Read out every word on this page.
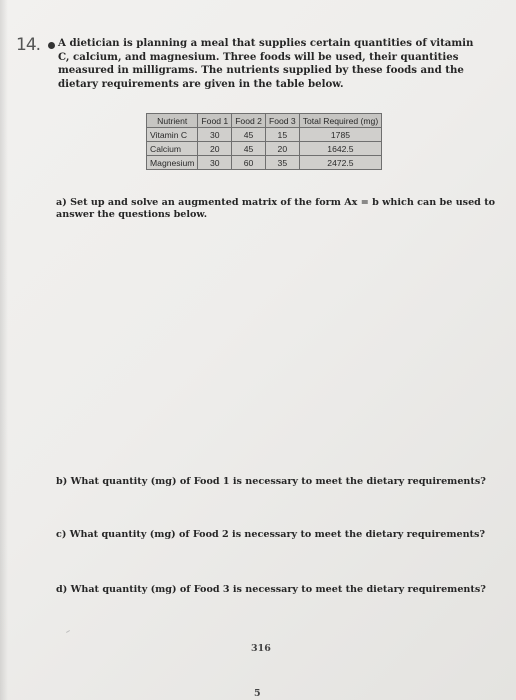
14. A dietician is planning a meal that supplies certain quantities of vitamin C, calcium, and magnesium. Three foods will be used, their quantities measured in milligrams. The nutrients supplied by these foods and the dietary requirements are given in the table below.
Nutrient	Food 1	Food 2	Food 3	Total Required (mg)
Vitamin C	30	45	15	1785
Calcium	20	45	20	1642.5
Magnesium	30	60	35	2472.5
a) Set up and solve an augmented matrix of the form Ax = b which can be used to answer the questions below.
b) What quantity (mg) of Food 1 is necessary to meet the dietary requirements?
c) What quantity (mg) of Food 2 is necessary to meet the dietary requirements?
d) What quantity (mg) of Food 3 is necessary to meet the dietary requirements?
316
5
